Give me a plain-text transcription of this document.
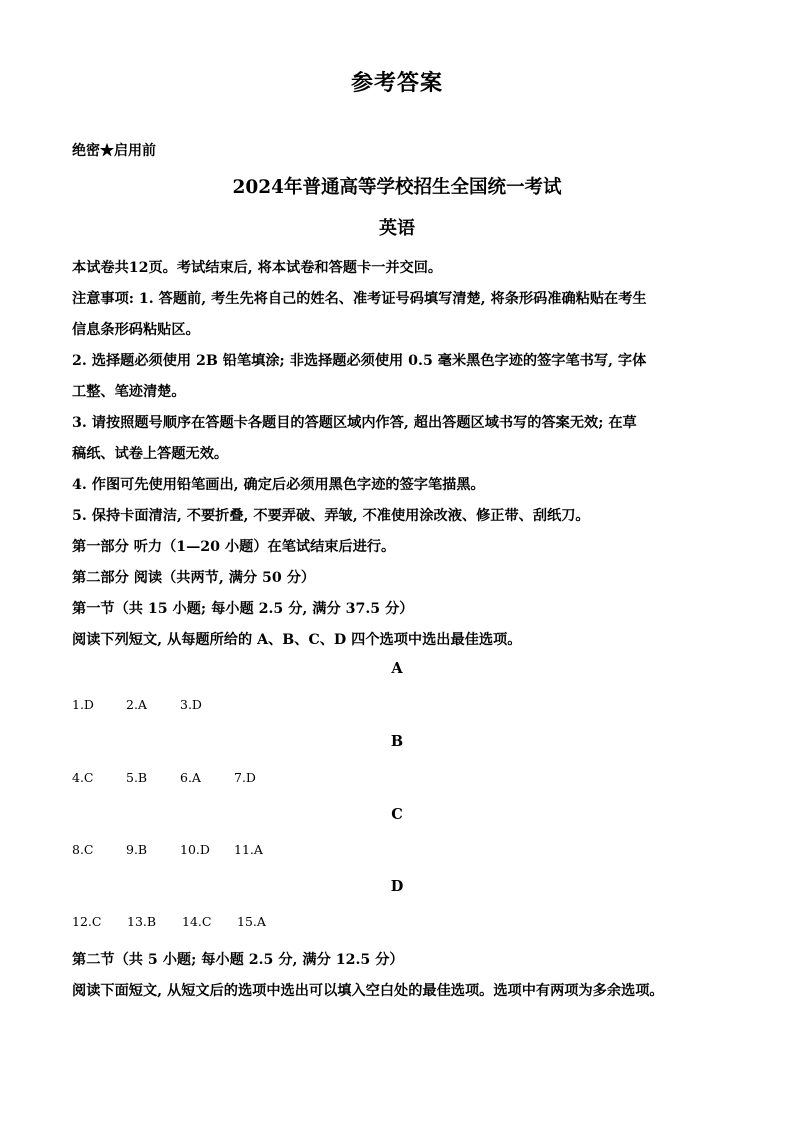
参考答案
绝密★启用前
2024年普通高等学校招生全国统一考试
英语
本试卷共12页。考试结束后, 将本试卷和答题卡一并交回。
注意事项: 1. 答题前, 考生先将自己的姓名、准考证号码填写清楚, 将条形码准确粘贴在考生
信息条形码粘贴区。
2. 选择题必须使用 2B 铅笔填涂; 非选择题必须使用 0.5 毫米黑色字迹的签字笔书写, 字体
工整、笔迹清楚。
3. 请按照题号顺序在答题卡各题目的答题区域内作答, 超出答题区域书写的答案无效; 在草
稿纸、试卷上答题无效。
4. 作图可先使用铅笔画出, 确定后必须用黑色字迹的签字笔描黑。
5. 保持卡面清洁, 不要折叠, 不要弄破、弄皱, 不准使用涂改液、修正带、刮纸刀。
第一部分 听力（1—20 小题）在笔试结束后进行。
第二部分 阅读（共两节, 满分 50 分）
第一节（共 15 小题; 每小题 2.5 分, 满分 37.5 分）
阅读下列短文, 从每题所给的 A、B、C、D 四个选项中选出最佳选项。
A
1.D	2.A	3.D
B
4.C	5.B	6.A	7.D
C
8.C	9.B	10.D	11.A
D
12.C	13.B	14.C	15.A
第二节（共 5 小题; 每小题 2.5 分, 满分 12.5 分）
阅读下面短文, 从短文后的选项中选出可以填入空白处的最佳选项。选项中有两项为多余选项。
